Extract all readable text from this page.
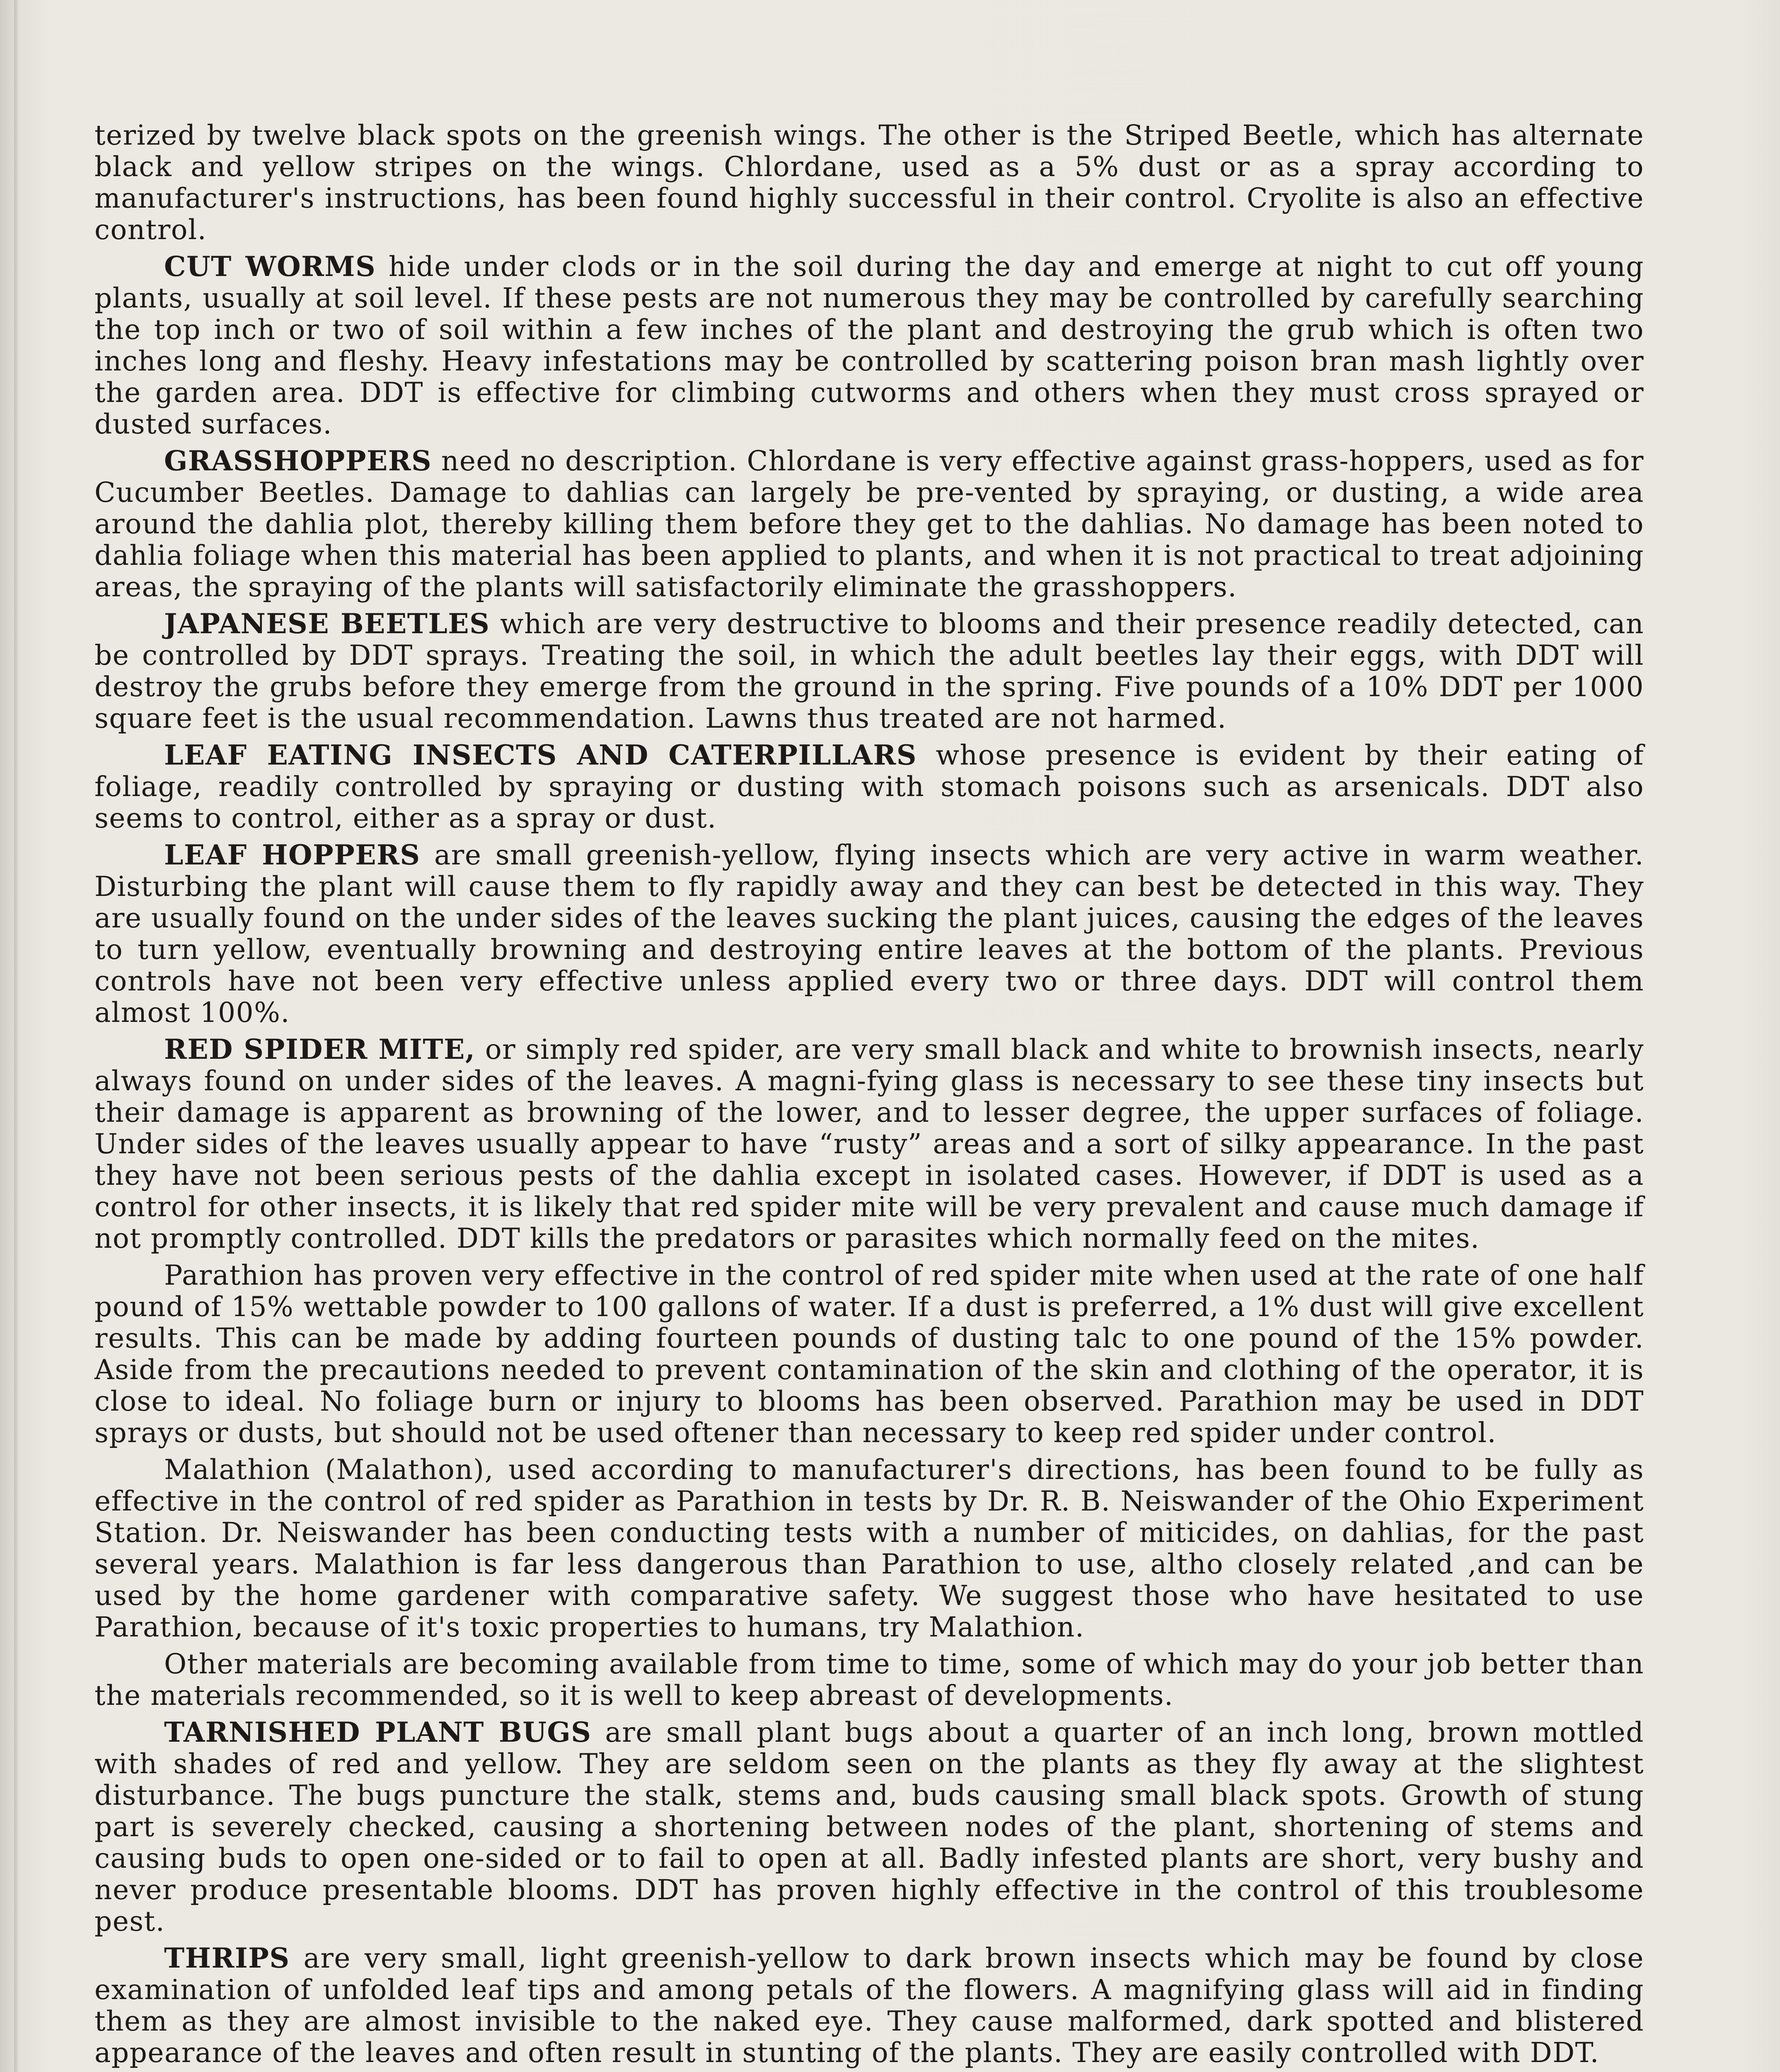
terized by twelve black spots on the greenish wings. The other is the Striped Beetle, which has alternate black and yellow stripes on the wings. Chlordane, used as a 5% dust or as a spray according to manufacturer's instructions, has been found highly successful in their control. Cryolite is also an effective control.

CUT WORMS hide under clods or in the soil during the day and emerge at night to cut off young plants, usually at soil level. If these pests are not numerous they may be controlled by carefully searching the top inch or two of soil within a few inches of the plant and destroying the grub which is often two inches long and fleshy. Heavy infestations may be controlled by scattering poison bran mash lightly over the garden area. DDT is effective for climbing cutworms and others when they must cross sprayed or dusted surfaces.

GRASSHOPPERS need no description. Chlordane is very effective against grass-hoppers, used as for Cucumber Beetles. Damage to dahlias can largely be pre-vented by spraying, or dusting, a wide area around the dahlia plot, thereby killing them before they get to the dahlias. No damage has been noted to dahlia foliage when this material has been applied to plants, and when it is not practical to treat adjoining areas, the spraying of the plants will satisfactorily eliminate the grasshoppers.

JAPANESE BEETLES which are very destructive to blooms and their presence readily detected, can be controlled by DDT sprays. Treating the soil, in which the adult beetles lay their eggs, with DDT will destroy the grubs before they emerge from the ground in the spring. Five pounds of a 10% DDT per 1000 square feet is the usual recommendation. Lawns thus treated are not harmed.

LEAF EATING INSECTS AND CATERPILLARS whose presence is evident by their eating of foliage, readily controlled by spraying or dusting with stomach poisons such as arsenicals. DDT also seems to control, either as a spray or dust.

LEAF HOPPERS are small greenish-yellow, flying insects which are very active in warm weather. Disturbing the plant will cause them to fly rapidly away and they can best be detected in this way. They are usually found on the under sides of the leaves sucking the plant juices, causing the edges of the leaves to turn yellow, eventually browning and destroying entire leaves at the bottom of the plants. Previous controls have not been very effective unless applied every two or three days. DDT will control them almost 100%.

RED SPIDER MITE, or simply red spider, are very small black and white to brownish insects, nearly always found on under sides of the leaves. A magni-fying glass is necessary to see these tiny insects but their damage is apparent as browning of the lower, and to lesser degree, the upper surfaces of foliage. Under sides of the leaves usually appear to have “rusty” areas and a sort of silky appearance. In the past they have not been serious pests of the dahlia except in isolated cases. However, if DDT is used as a control for other insects, it is likely that red spider mite will be very prevalent and cause much damage if not promptly controlled. DDT kills the predators or parasites which normally feed on the mites.

Parathion has proven very effective in the control of red spider mite when used at the rate of one half pound of 15% wettable powder to 100 gallons of water. If a dust is preferred, a 1% dust will give excellent results. This can be made by adding fourteen pounds of dusting talc to one pound of the 15% powder. Aside from the precautions needed to prevent contamination of the skin and clothing of the operator, it is close to ideal. No foliage burn or injury to blooms has been observed. Parathion may be used in DDT sprays or dusts, but should not be used oftener than necessary to keep red spider under control.

Malathion (Malathon), used according to manufacturer's directions, has been found to be fully as effective in the control of red spider as Parathion in tests by Dr. R. B. Neiswander of the Ohio Experiment Station. Dr. Neiswander has been conducting tests with a number of miticides, on dahlias, for the past several years. Malathion is far less dangerous than Parathion to use, altho closely related ,and can be used by the home gardener with comparative safety. We suggest those who have hesitated to use Parathion, because of it's toxic properties to humans, try Malathion.

Other materials are becoming available from time to time, some of which may do your job better than the materials recommended, so it is well to keep abreast of developments.

TARNISHED PLANT BUGS are small plant bugs about a quarter of an inch long, brown mottled with shades of red and yellow. They are seldom seen on the plants as they fly away at the slightest disturbance. The bugs puncture the stalk, stems and, buds causing small black spots. Growth of stung part is severely checked, causing a shortening between nodes of the plant, shortening of stems and causing buds to open one-sided or to fail to open at all. Badly infested plants are short, very bushy and never produce presentable blooms. DDT has proven highly effective in the control of this troublesome pest.

THRIPS are very small, light greenish-yellow to dark brown insects which may be found by close examination of unfolded leaf tips and among petals of the flowers. A magnifying glass will aid in finding them as they are almost invisible to the naked eye. They cause malformed, dark spotted and blistered appearance of the leaves and often result in stunting of the plants. They are easily controlled with DDT.
